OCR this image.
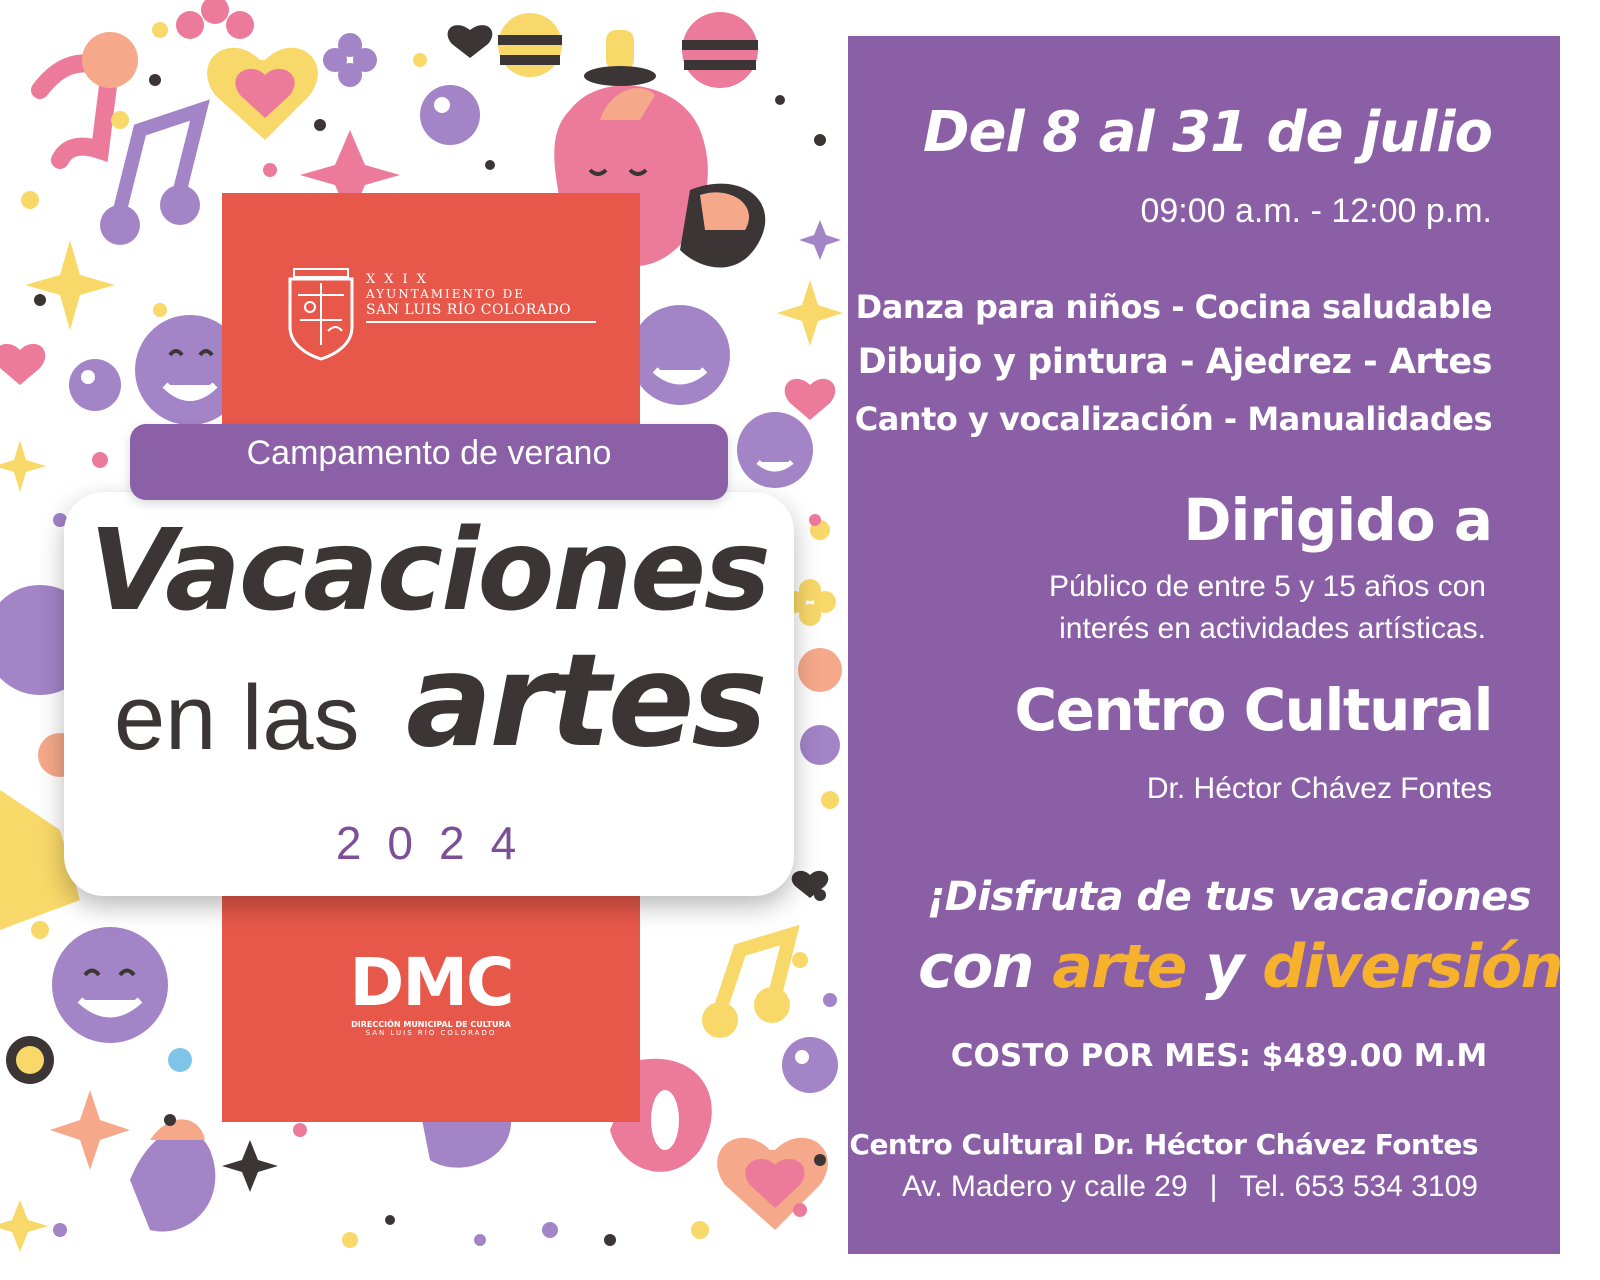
XXIX
AYUNTAMIENTO DE
SAN LUIS RÍO COLORADO
DMC
DIRECCIÓN MUNICIPAL DE CULTURA
SAN LUIS RÍO COLORADO
Vacaciones
en las artes
2024
Campamento de verano
Del 8 al 31 de julio
09:00 a.m. - 12:00 p.m.
Danza para niños - Cocina saludable
Dibujo y pintura - Ajedrez - Artes
Canto y vocalización - Manualidades
Dirigido a
Público de entre 5 y 15 años con
interés en actividades artísticas.
Centro Cultural
Dr. Héctor Chávez Fontes
¡Disfruta de tus vacaciones
con arte y diversión!
COSTO POR MES: $489.00 M.M
Centro Cultural Dr. Héctor Chávez Fontes
Av. Madero y calle 29 | Tel. 653 534 3109
